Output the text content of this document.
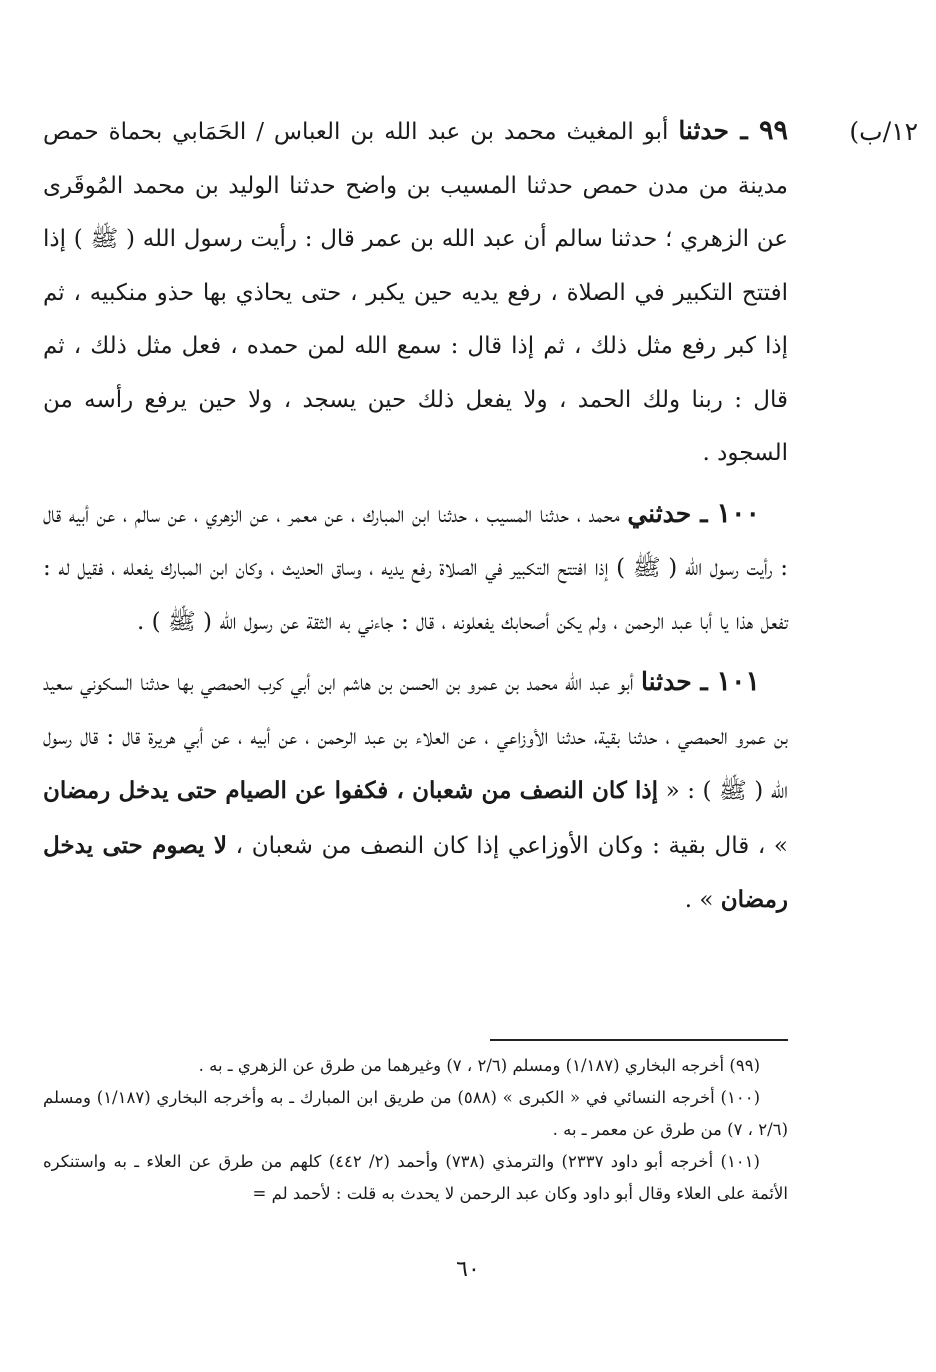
١٢/ب)

٩٩ ـ حدثنا أبو المغيث محمد بن عبد الله بن العباس / الحَمَابي بحماة حمص مدينة من مدن حمص حدثنا المسيب بن واضح حدثنا الوليد بن محمد المُوقَرى عن الزهري ؛ حدثنا سالم أن عبد الله بن عمر قال : رأيت رسول الله ( ﷺ ) إذا افتتح التكبير في الصلاة ، رفع يديه حين يكبر ، حتى يحاذي بها حذو منكبيه ، ثم إذا كبر رفع مثل ذلك ، ثم إذا قال : سمع الله لمن حمده ، فعل مثل ذلك ، ثم قال : ربنا ولك الحمد ، ولا يفعل ذلك حين يسجد ، ولا حين يرفع رأسه من السجود .

١٠٠ ـ حدثني محمد ، حدثنا المسيب ، حدثنا ابن المبارك ، عن معمر ، عن الزهري ، عن سالم ، عن أبيه قال : رأيت رسول الله ( ﷺ ) إذا افتتح التكبير في الصلاة رفع يديه ، وساق الحديث ، وكان ابن المبارك يفعله ، فقيل له : تفعل هذا يا أبا عبد الرحمن ، ولم يكن أصحابك يفعلونه ، قال : جاءني به الثقة عن رسول الله ( ﷺ ) .

١٠١ ـ حدثنا أبو عبد الله محمد بن عمرو بن الحسن بن هاشم ابن أبي كرب الحمصي بها حدثنا السكوني سعيد بن عمرو الحمصي ، حدثنا بقية، حدثنا الأوزاعي ، عن العلاء بن عبد الرحمن ، عن أبيه ، عن أبي هريرة قال : قال رسول الله ( ﷺ ) : « إذا كان النصف من شعبان ، فكفوا عن الصيام حتى يدخل رمضان » ، قال بقية : وكان الأوزاعي إذا كان النصف من شعبان ، لا يصوم حتى يدخل رمضان » .

(٩٩) أخرجه البخاري (١/١٨٧) ومسلم (٢/٦ ، ٧) وغيرهما من طرق عن الزهري ـ به .

(١٠٠) أخرجه النسائي في « الكبرى » (٥٨٨) من طريق ابن المبارك ـ به وأخرجه البخاري (١/١٨٧) ومسلم (٢/٦ ، ٧) من طرق عن معمر ـ به .

(١٠١) أخرجه أبو داود ٢٣٣٧) والترمذي (٧٣٨) وأحمد (٢/ ٤٤٢) كلهم من طرق عن العلاء ـ به واستنكره الأئمة على العلاء وقال أبو داود وكان عبد الرحمن لا يحدث به قلت : لأحمد لم =

٦٠
